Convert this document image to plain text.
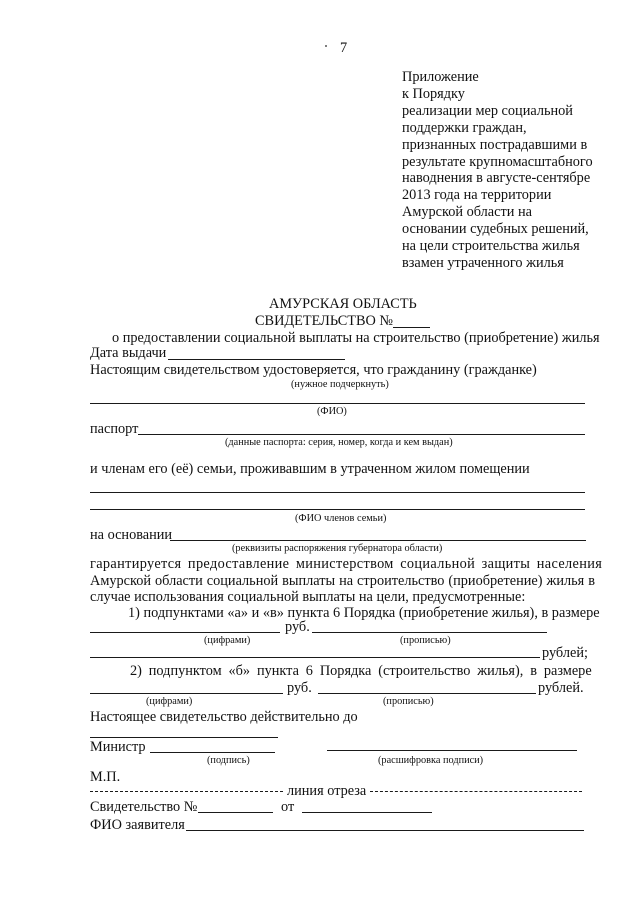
7
Приложение
к Порядку
реализации мер социальной
поддержки граждан,
признанных пострадавшими в
результате крупномасштабного
наводнения в августе-сентябре
2013 года на территории
Амурской области на
основании судебных решений,
на цели строительства жилья
взамен утраченного жилья
АМУРСКАЯ ОБЛАСТЬ
СВИДЕТЕЛЬСТВО №
о предоставлении социальной выплаты на строительство (приобретение) жилья
Дата выдачи
Настоящим свидетельством удостоверяется, что гражданину (гражданке)
(нужное подчеркнуть)
(ФИО)
паспорт
(данные паспорта: серия, номер, когда и кем выдан)
и членам его (её) семьи, проживавшим в утраченном жилом помещении
(ФИО членов семьи)
на основании
(реквизиты распоряжения губернатора области)
гарантируется предоставление министерством социальной защиты населения
Амурской области социальной выплаты на строительство (приобретение) жилья в
случае использования социальной выплаты на цели, предусмотренные:
1) подпунктами «а» и «в» пункта 6 Порядка (приобретение жилья), в размере
руб.
(цифрами)	(прописью)
рублей;
2) подпунктом «б» пункта 6 Порядка (строительство жилья), в размере
руб.	рублей.
(цифрами)	(прописью)
Настоящее свидетельство действительно до
Министр
(подпись)	(расшифровка подписи)
М.П.
линия отреза
Свидетельство №	от
ФИО заявителя
